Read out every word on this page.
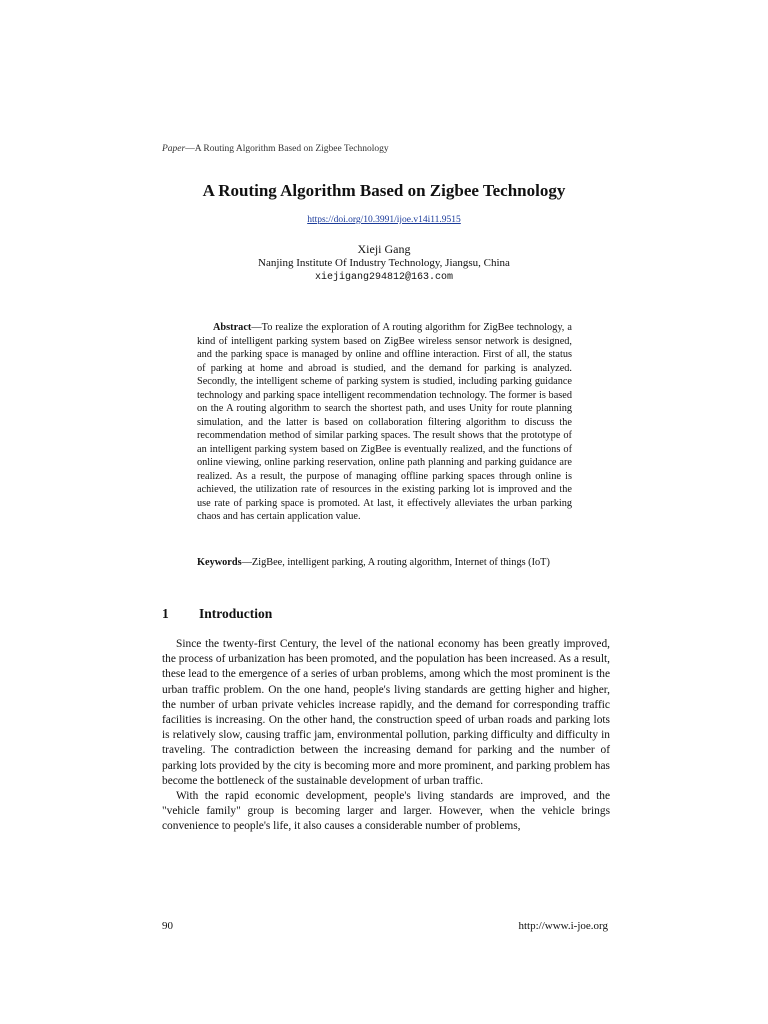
Paper—A Routing Algorithm Based on Zigbee Technology
A Routing Algorithm Based on Zigbee Technology
https://doi.org/10.3991/ijoe.v14i11.9515
Xieji Gang
Nanjing Institute Of Industry Technology, Jiangsu, China
xiejigang294812@163.com

Abstract—To realize the exploration of A routing algorithm for ZigBee technology, a kind of intelligent parking system based on ZigBee wireless sensor network is designed, and the parking space is managed by online and offline interaction. First of all, the status of parking at home and abroad is studied, and the demand for parking is analyzed. Secondly, the intelligent scheme of parking system is studied, including parking guidance technology and parking space intelligent recommendation technology. The former is based on the A routing algorithm to search the shortest path, and uses Unity for route planning simulation, and the latter is based on collaboration filtering algorithm to discuss the recommendation method of similar parking spaces. The result shows that the prototype of an intelligent parking system based on ZigBee is eventually realized, and the functions of online viewing, online parking reservation, online path planning and parking guidance are realized. As a result, the purpose of managing offline parking spaces through online is achieved, the utilization rate of resources in the existing parking lot is improved and the use rate of parking space is promoted. At last, it effectively alleviates the urban parking chaos and has certain application value.

Keywords—ZigBee, intelligent parking, A routing algorithm, Internet of things (IoT)

1 Introduction

Since the twenty-first Century, the level of the national economy has been greatly improved, the process of urbanization has been promoted, and the population has been increased. As a result, these lead to the emergence of a series of urban problems, among which the most prominent is the urban traffic problem. On the one hand, people's living standards are getting higher and higher, the number of urban private vehicles increase rapidly, and the demand for corresponding traffic facilities is increasing. On the other hand, the construction speed of urban roads and parking lots is relatively slow, causing traffic jam, environmental pollution, parking difficulty and difficulty in traveling. The contradiction between the increasing demand for parking and the number of parking lots provided by the city is becoming more and more prominent, and parking problem has become the bottleneck of the sustainable development of urban traffic.

With the rapid economic development, people's living standards are improved, and the "vehicle family" group is becoming larger and larger. However, when the vehicle brings convenience to people's life, it also causes a considerable number of problems,

90	http://www.i-joe.org
